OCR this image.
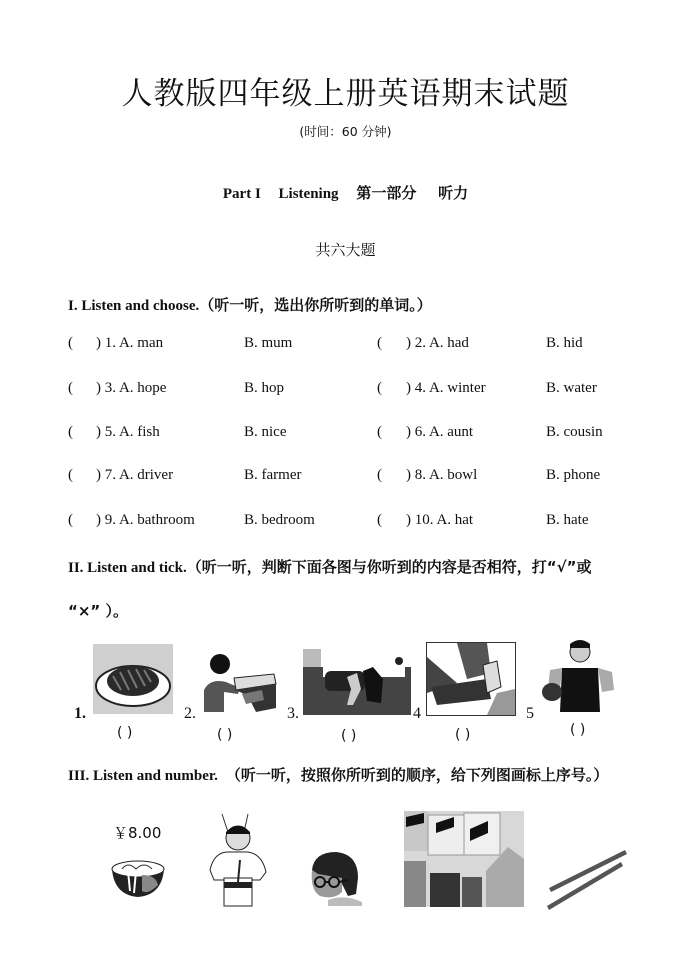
人教版四年级上册英语期末试题
(时间：60 分钟)
Part I Listening 第一部分 听力
共六大题
I. Listen and choose.（听一听，选出你所听到的单词。）
( ) 1. A. man	B. mum	( ) 2. A. had	B. hid
( ) 3. A. hope	B. hop	( ) 4. A. winter	B. water
( ) 5. A. fish	B. nice	( ) 6. A. aunt	B. cousin
( ) 7. A. driver	B. farmer	( ) 8. A. bowl	B. phone
( ) 9. A. bathroom	B. bedroom	( ) 10. A. hat	B. hate
II. Listen and tick.（听一听，判断下面各图与你听到的内容是否相符，打“√”或
“×” ）。
1.
( )
2.
( )
3.
( )
4
( )
5
( )
III. Listen and number. （听一听，按照你所听到的顺序，给下列图画标上序号。）
￥8.00
